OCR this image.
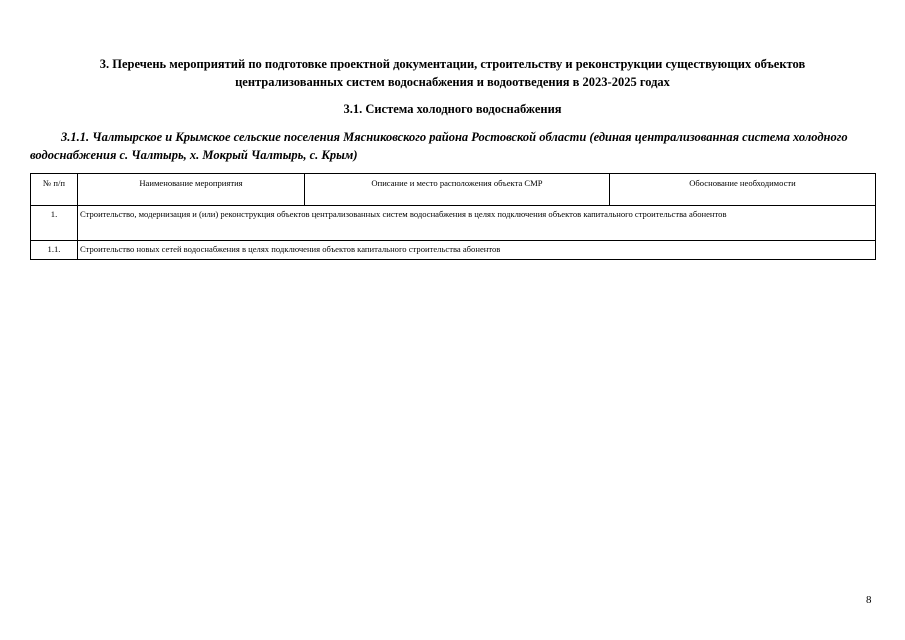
3. Перечень мероприятий по подготовке проектной документации, строительству и реконструкции существующих объектов
централизованных систем водоснабжения и водоотведения в 2023-2025 годах
3.1. Система холодного водоснабжения
3.1.1. Чалтырское и Крымское сельские поселения Мясниковского района Ростовской области (единая централизованная система холодного водоснабжения с. Чалтырь, х. Мокрый Чалтырь, с. Крым)
№ п/п	Наименование мероприятия	Описание и место расположения объекта СМР	Обоснование необходимости
1.	Строительство, модернизация и (или) реконструкция объектов централизованных систем водоснабжения в целях подключения объектов капитального строительства абонентов		
1.1.	Строительство новых сетей водоснабжения в целях подключения объектов капитального строительства абонентов		
8
